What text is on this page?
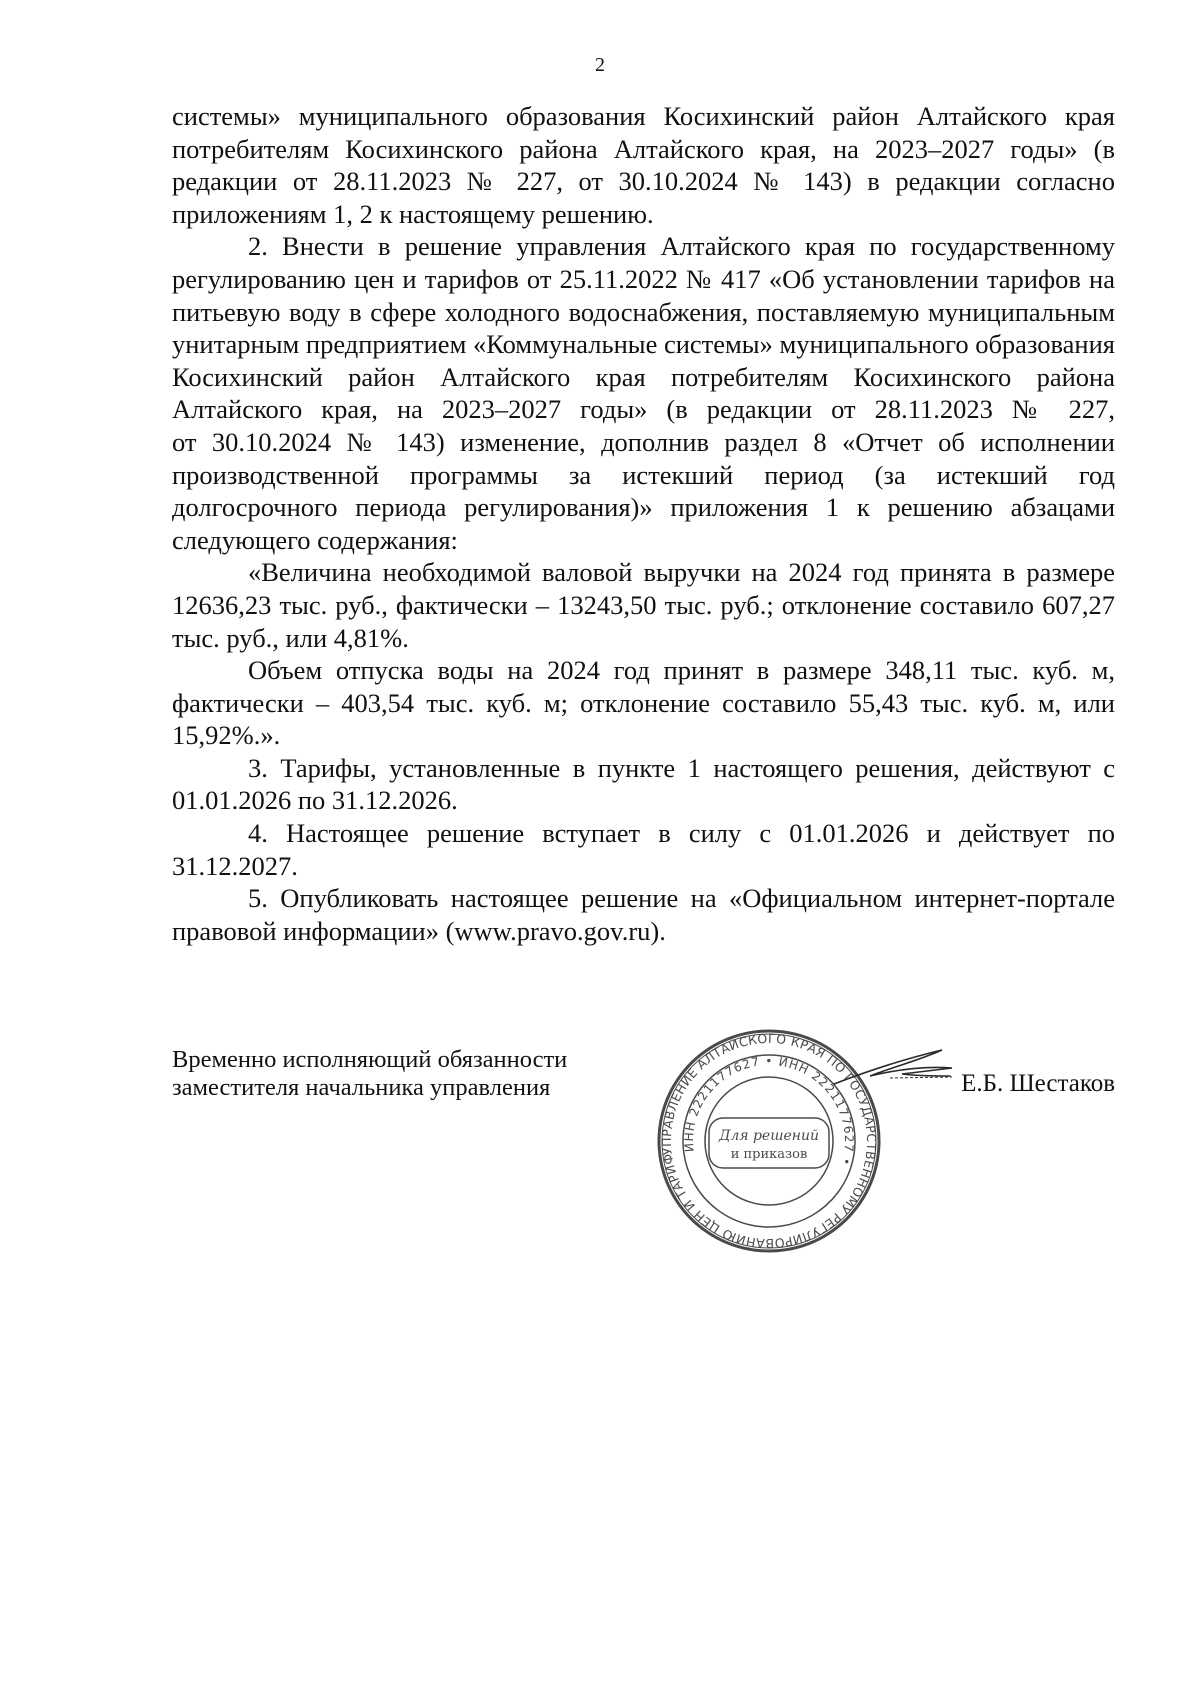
2

системы» муниципального образования Косихинский район Алтайского края потребителям Косихинского района Алтайского края, на 2023–2027 годы» (в редакции от 28.11.2023 № 227, от 30.10.2024 № 143) в редакции согласно приложениям 1, 2 к настоящему решению.

2. Внести в решение управления Алтайского края по государственному регулированию цен и тарифов от 25.11.2022 № 417 «Об установлении тарифов на питьевую воду в сфере холодного водоснабжения, поставляемую муниципальным унитарным предприятием «Коммунальные системы» муниципального образования Косихинский район Алтайского края потребителям Косихинского района Алтайского края, на 2023–2027 годы» (в редакции от 28.11.2023 № 227,

от 30.10.2024 № 143) изменение, дополнив раздел 8 «Отчет об исполнении производственной программы за истекший период (за истекший год долгосрочного периода регулирования)» приложения 1 к решению абзацами следующего содержания:

«Величина необходимой валовой выручки на 2024 год принята в размере 12636,23 тыс. руб., фактически – 13243,50 тыс. руб.; отклонение составило 607,27 тыс. руб., или 4,81%.

Объем отпуска воды на 2024 год принят в размере 348,11 тыс. куб. м, фактически – 403,54 тыс. куб. м; отклонение составило 55,43 тыс. куб. м, или 15,92%.».

3. Тарифы, установленные в пункте 1 настоящего решения, действуют с 01.01.2026 по 31.12.2026.

4. Настоящее решение вступает в силу с 01.01.2026 и действует по 31.12.2027.

5. Опубликовать настоящее решение на «Официальном интернет-портале правовой информации» (www.pravo.gov.ru).

Временно исполняющий обязанности
заместителя начальника управления
УПРАВЛЕНИЕ АЛТАЙСКОГО КРАЯ ПО ГОСУДАРСТВЕННОМУ РЕГУЛИРОВАНИЮ ЦЕН И ТАРИФОВ
ИНН 2221177627 • ИНН 2221177627 •
Для решений
и приказов
Е.Б. Шестаков
